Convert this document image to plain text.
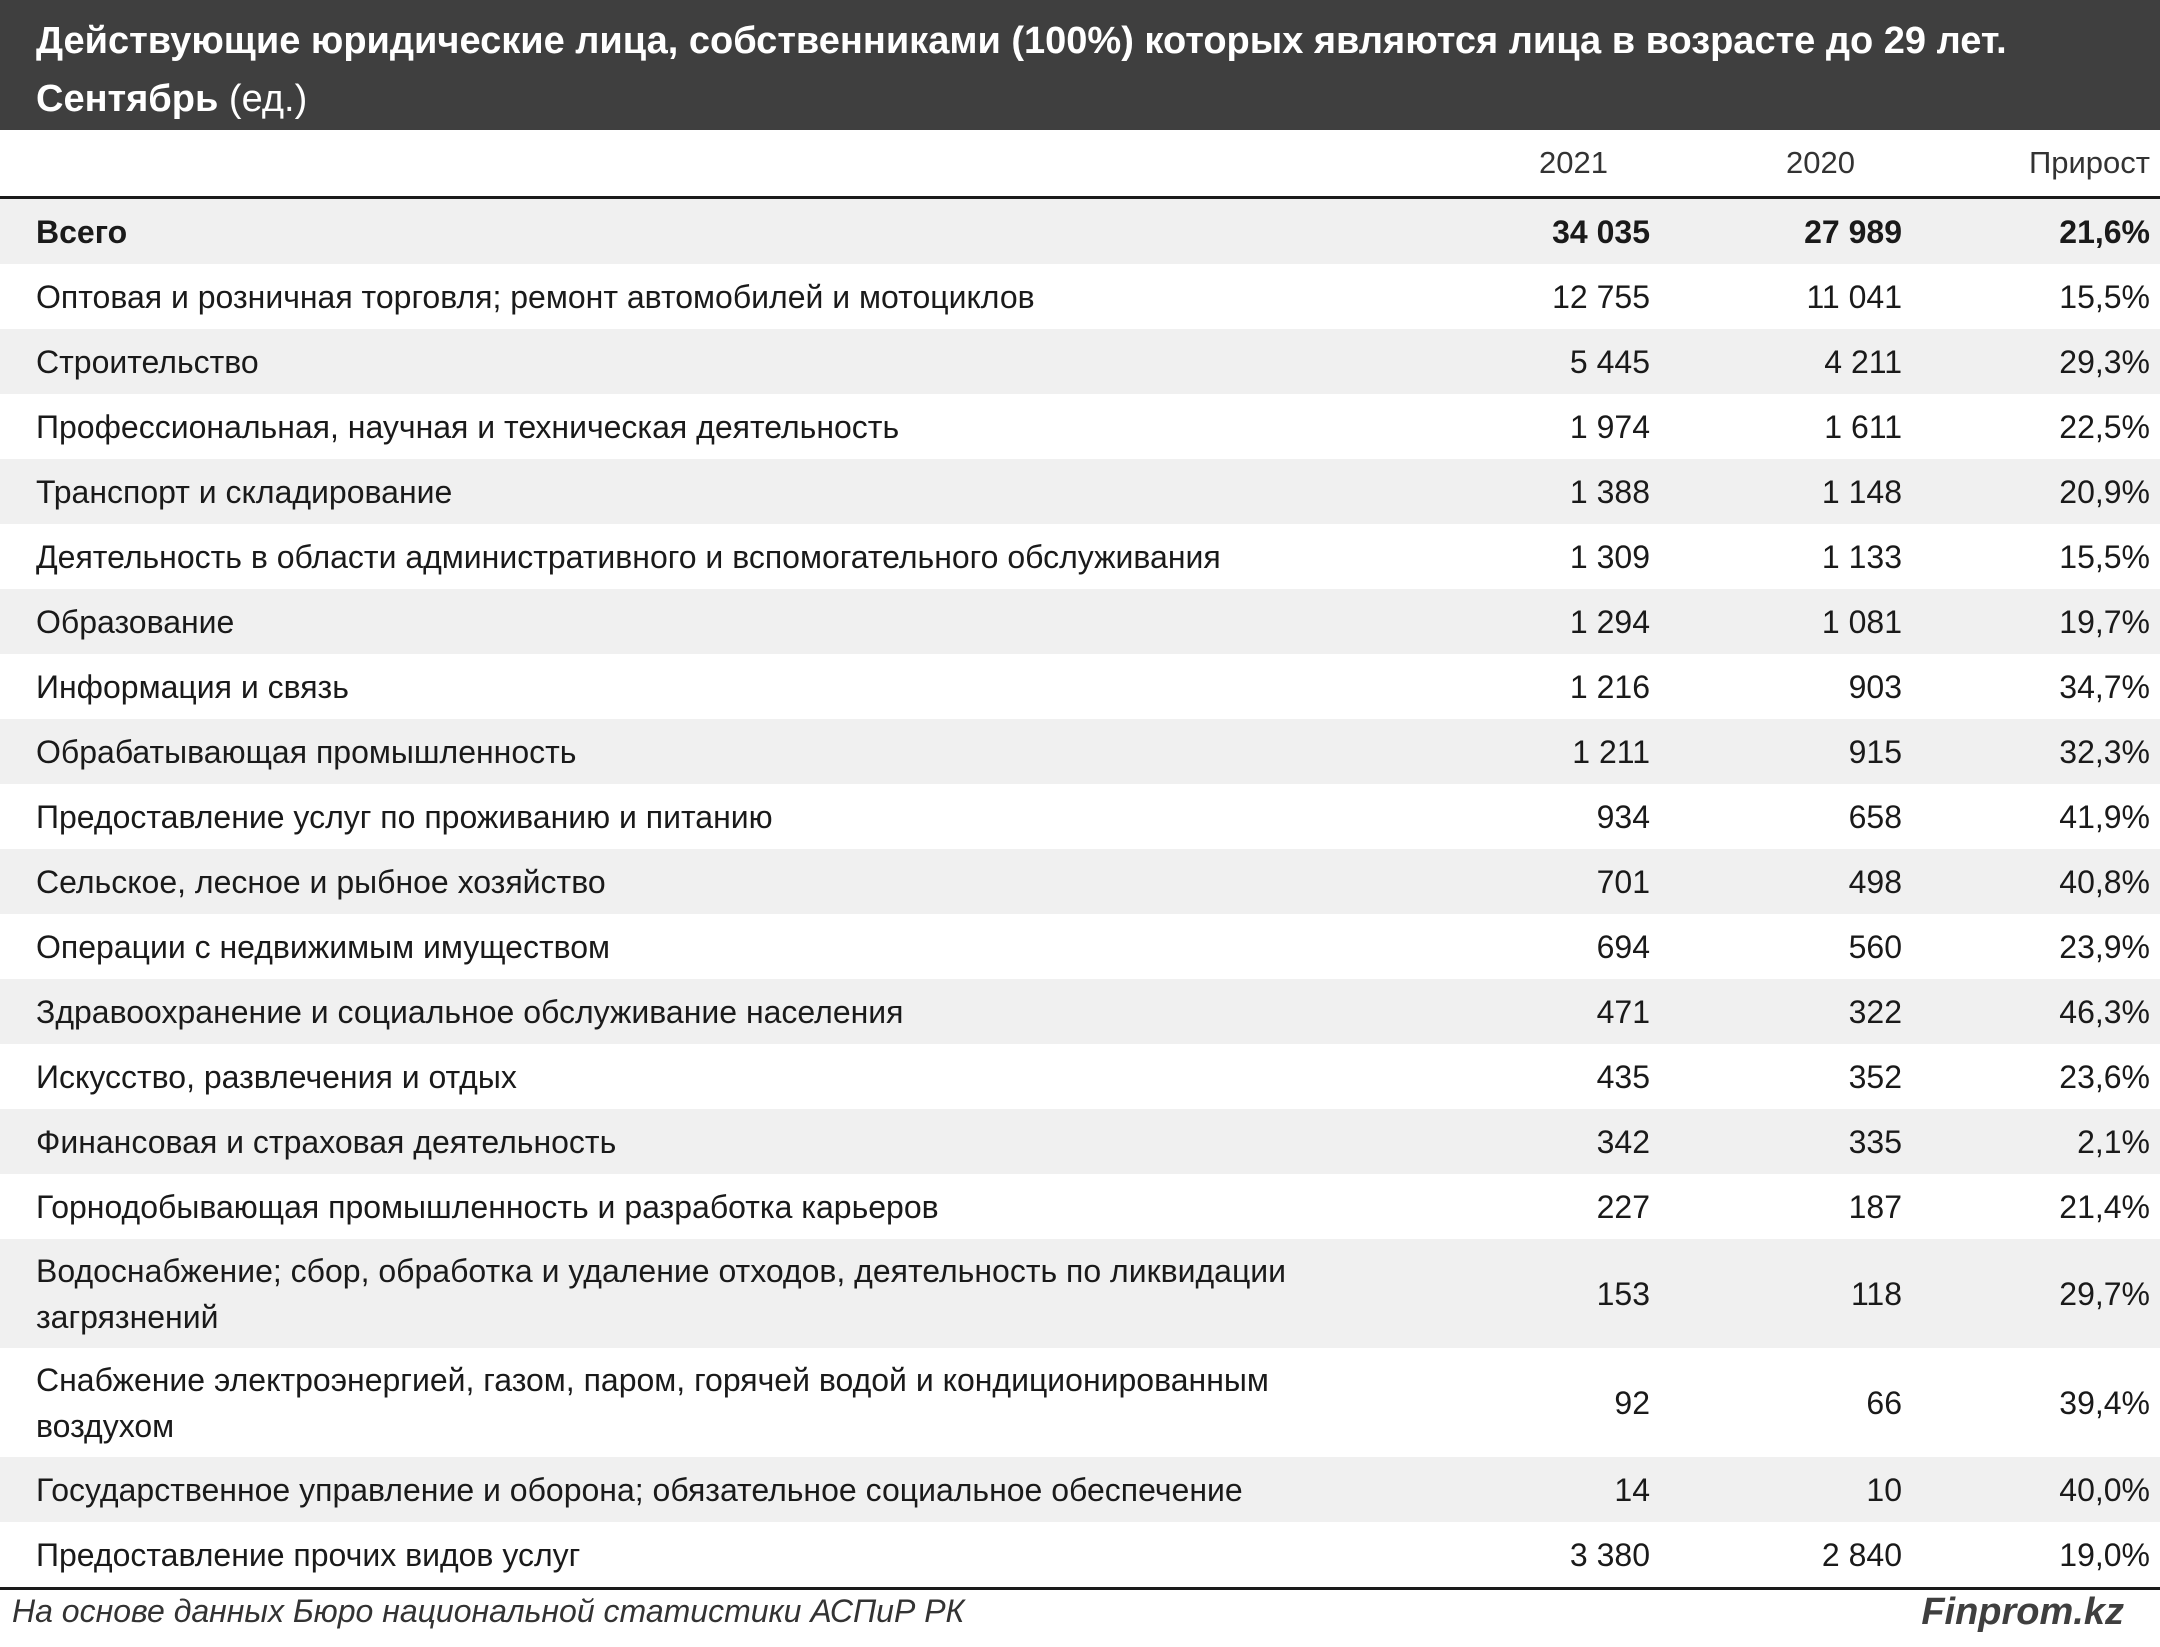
Действующие юридические лица, собственниками (100%) которых являются лица в возрасте до 29 лет.
Сентябрь (ед.)
	2021	2020	Прирост
Всего	34 035	27 989	21,6%
Оптовая и розничная торговля; ремонт автомобилей и мотоциклов	12 755	11 041	15,5%
Строительство	5 445	4 211	29,3%
Профессиональная, научная и техническая деятельность	1 974	1 611	22,5%
Транспорт и складирование	1 388	1 148	20,9%
Деятельность в области административного и вспомогательного обслуживания	1 309	1 133	15,5%
Образование	1 294	1 081	19,7%
Информация и связь	1 216	903	34,7%
Обрабатывающая промышленность	1 211	915	32,3%
Предоставление услуг по проживанию и питанию	934	658	41,9%
Сельское, лесное и рыбное хозяйство	701	498	40,8%
Операции с недвижимым имуществом	694	560	23,9%
Здравоохранение и социальное обслуживание населения	471	322	46,3%
Искусство, развлечения и отдых	435	352	23,6%
Финансовая и страховая деятельность	342	335	2,1%
Горнодобывающая промышленность и разработка карьеров	227	187	21,4%
Водоснабжение; сбор, обработка и удаление отходов, деятельность по ликвидации загрязнений	153	118	29,7%
Снабжение электроэнергией, газом, паром, горячей водой и кондиционированным воздухом	92	66	39,4%
Государственное управление и оборона; обязательное социальное обеспечение	14	10	40,0%
Предоставление прочих видов услуг	3 380	2 840	19,0%
На основе данных Бюро национальной статистики АСПиР РК	Finprom.kz
